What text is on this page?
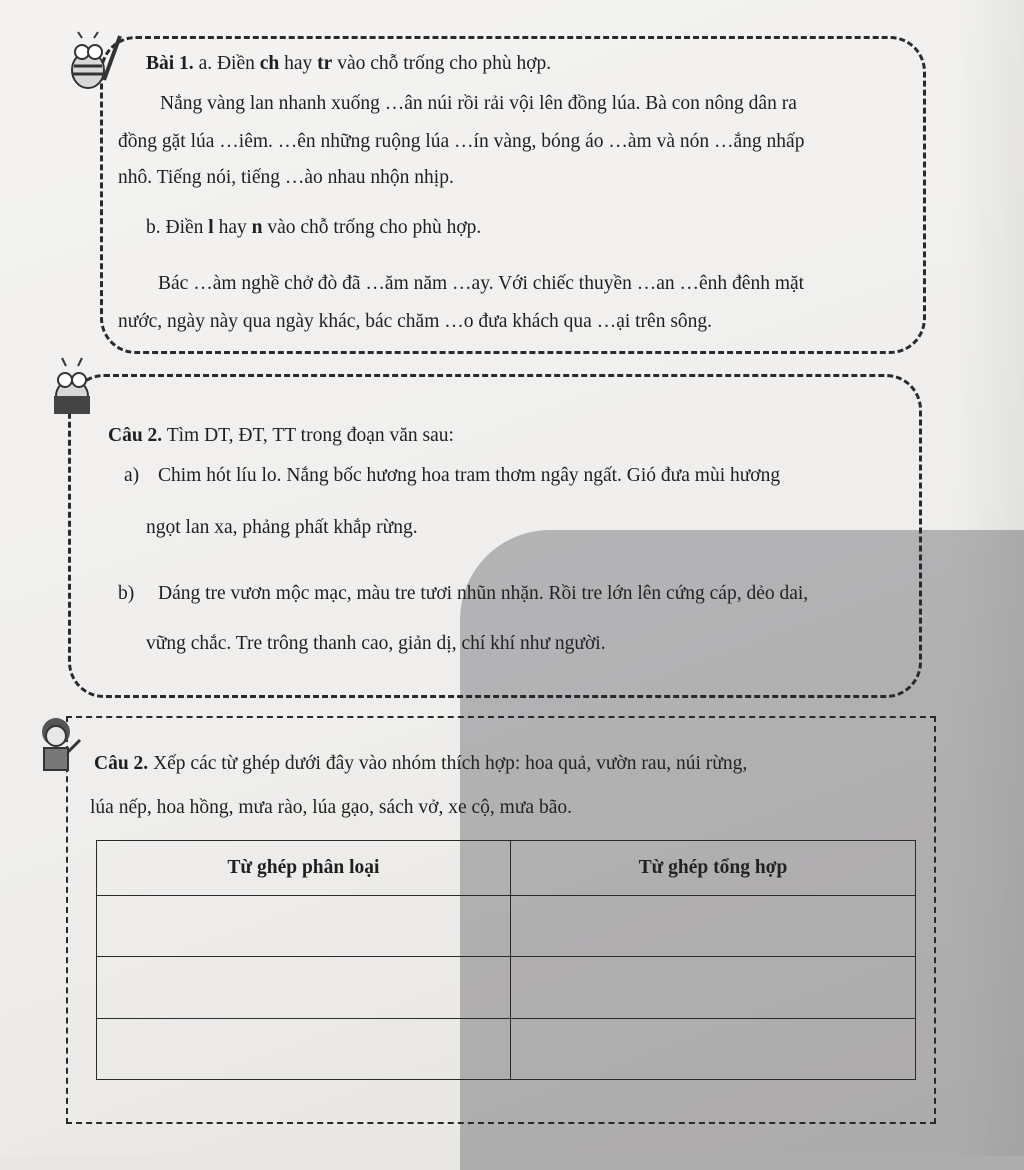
Bài 1. a. Điền ch hay tr vào chỗ trống cho phù hợp.
Nắng vàng lan nhanh xuống …ân núi rồi rải vội lên đồng lúa. Bà con nông dân ra
đồng gặt lúa …iêm. …ên những ruộng lúa …ín vàng, bóng áo …àm và nón …ắng nhấp
nhô. Tiếng nói, tiếng …ào nhau nhộn nhịp.
b. Điền l hay n vào chỗ trống cho phù hợp.
Bác …àm nghề chở đò đã …ăm năm …ay. Với chiếc thuyền …an …ênh đênh mặt
nước, ngày này qua ngày khác, bác chăm …o đưa khách qua …ại trên sông.
Câu 2. Tìm DT, ĐT, TT trong đoạn văn sau:
a) Chim hót líu lo. Nắng bốc hương hoa tram thơm ngây ngất. Gió đưa mùi hương
ngọt lan xa, phảng phất khắp rừng.
b) Dáng tre vươn mộc mạc, màu tre tươi nhũn nhặn. Rồi tre lớn lên cứng cáp, dẻo dai,
vững chắc. Tre trông thanh cao, giản dị, chí khí như người.
Câu 2. Xếp các từ ghép dưới đây vào nhóm thích hợp: hoa quả, vườn rau, núi rừng,
lúa nếp, hoa hồng, mưa rào, lúa gạo, sách vở, xe cộ, mưa bão.
Từ ghép phân loại	Từ ghép tổng hợp
